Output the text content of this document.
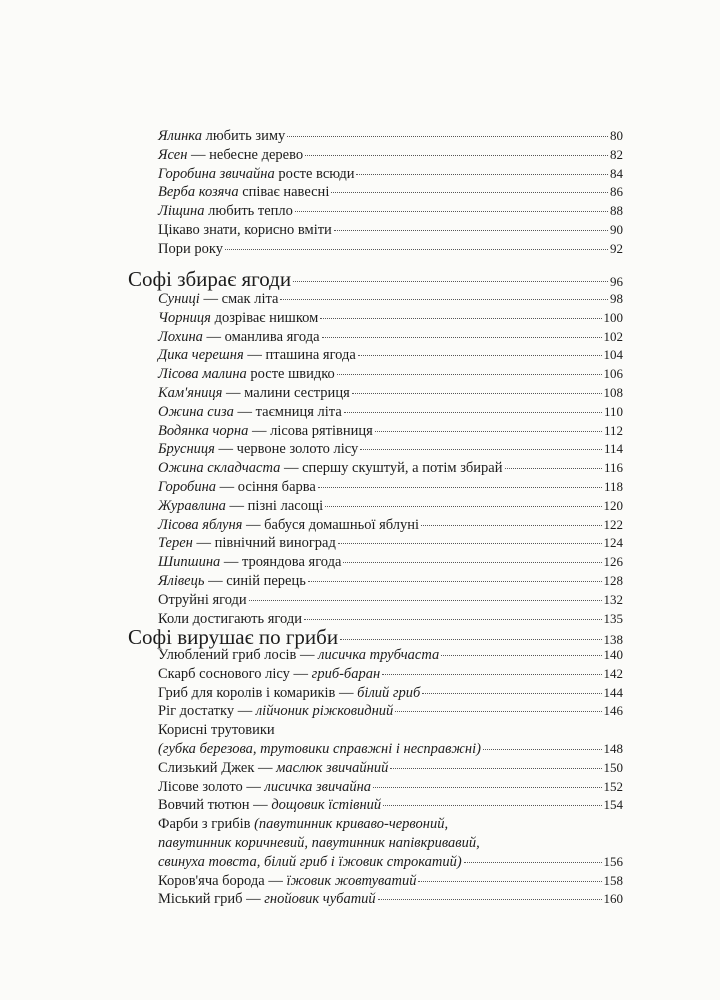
Ялинка любить зиму	80
Ясен — небесне дерево	82
Горобина звичайна росте всюди	84
Верба козяча співає навесні	86
Ліщина любить тепло	88
Цікаво знати, корисно вміти	90
Пори року	92
Софі збирає ягоди	96
Суниці — смак літа	98
Чорниця дозріває нишком	100
Лохина — оманлива ягода	102
Дика черешня — пташина ягода	104
Лісова малина росте швидко	106
Кам'яниця — малини сестриця	108
Ожина сиза — таємниця літа	110
Водянка чорна — лісова рятівниця	112
Брусниця — червоне золото лісу	114
Ожина складчаста — спершу скуштуй, а потім збирай	116
Горобина — осіння барва	118
Журавлина — пізні ласощі	120
Лісова яблуня — бабуся домашньої яблуні	122
Терен — північний виноград	124
Шипшина — трояндова ягода	126
Ялівець — синій перець	128
Отруйні ягоди	132
Коли достигають ягоди	135
Софі вирушає по гриби	138
Улюблений гриб лосів — лисичка трубчаста	140
Скарб соснового лісу — гриб-баран	142
Гриб для королів і комариків — білий гриб	144
Ріг достатку — лійчоник ріжковидний	146
Корисні трутовики
(губка березова, трутовики справжні і несправжні)	148
Слизький Джек — маслюк звичайний	150
Лісове золото — лисичка звичайна	152
Вовчий тютюн — дощовик їстівний	154
Фарби з грибів (павутинник криваво-червоний,
павутинник коричневий, павутинник напівкривавий,
свинуха товста, білий гриб і їжовик строкатий)	156
Коров'яча борода — їжовик жовтуватий	158
Міський гриб — гнойовик чубатий	160
